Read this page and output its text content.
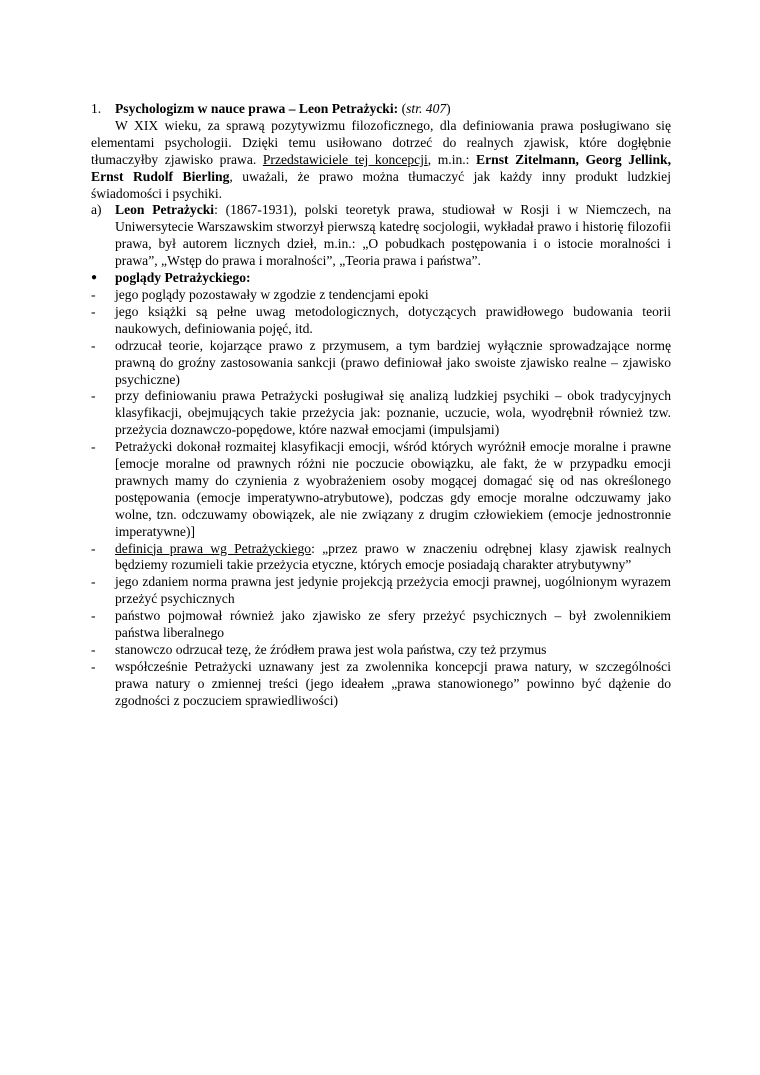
1.	Psychologizm w nauce prawa – Leon Petrażycki: (str. 407)

W XIX wieku, za sprawą pozytywizmu filozoficznego, dla definiowania prawa posługiwano się elementami psychologii. Dzięki temu usiłowano dotrzeć do realnych zjawisk, które dogłębnie tłumaczyłby zjawisko prawa. Przedstawiciele tej koncepcji, m.in.: Ernst Zitelmann, Georg Jellink, Ernst Rudolf Bierling, uważali, że prawo można tłumaczyć jak każdy inny produkt ludzkiej świadomości i psychiki.

a) Leon Petrażycki: (1867-1931), polski teoretyk prawa, studiował w Rosji i w Niemczech, na Uniwersytecie Warszawskim stworzył pierwszą katedrę socjologii, wykładał prawo i historię filozofii prawa, był autorem licznych dzieł, m.in.: „O pobudkach postępowania i o istocie moralności i prawa”, „Wstęp do prawa i moralności”, „Teoria prawa i państwa”.
●	poglądy Petrażyckiego:
-	jego poglądy pozostawały w zgodzie z tendencjami epoki
-	jego książki są pełne uwag metodologicznych, dotyczących prawidłowego budowania teorii naukowych, definiowania pojęć, itd.
-	odrzucał teorie, kojarzące prawo z przymusem, a tym bardziej wyłącznie sprowadzające normę prawną do groźny zastosowania sankcji (prawo definiował jako swoiste zjawisko realne – zjawisko psychiczne)
-	przy definiowaniu prawa Petrażycki posługiwał się analizą ludzkiej psychiki – obok tradycyjnych klasyfikacji, obejmujących takie przeżycia jak: poznanie, uczucie, wola, wyodrębnił również tzw. przeżycia doznawczo-popędowe, które nazwał emocjami (impulsjami)
-	Petrażycki dokonał rozmaitej klasyfikacji emocji, wśród których wyróżnił emocje moralne i prawne [emocje moralne od prawnych różni nie poczucie obowiązku, ale fakt, że w przypadku emocji prawnych mamy do czynienia z wyobrażeniem osoby mogącej domagać się od nas określonego postępowania (emocje imperatywno-atrybutowe), podczas gdy emocje moralne odczuwamy jako wolne, tzn. odczuwamy obowiązek, ale nie związany z drugim człowiekiem (emocje jednostronnie imperatywne)]
-	definicja prawa wg Petrażyckiego: „przez prawo w znaczeniu odrębnej klasy zjawisk realnych będziemy rozumieli takie przeżycia etyczne, których emocje posiadają charakter atrybutywny”
-	jego zdaniem norma prawna jest jedynie projekcją przeżycia emocji prawnej, uogólnionym wyrazem przeżyć psychicznych
-	państwo pojmował również jako zjawisko ze sfery przeżyć psychicznych – był zwolennikiem państwa liberalnego
-	stanowczo odrzucał tezę, że źródłem prawa jest wola państwa, czy też przymus
-	współcześnie Petrażycki uznawany jest za zwolennika koncepcji prawa natury, w szczególności prawa natury o zmiennej treści (jego ideałem „prawa stanowionego” powinno być dążenie do zgodności z poczuciem sprawiedliwości)
